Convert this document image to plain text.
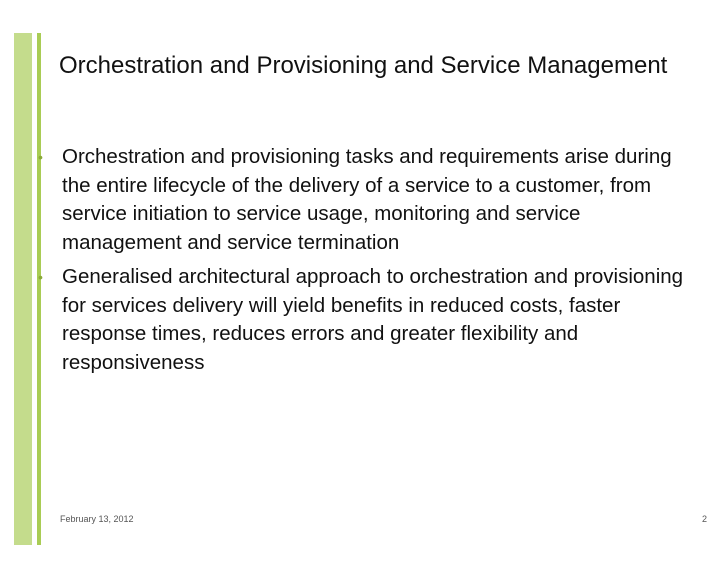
Orchestration and Provisioning and Service Management
• Orchestration and provisioning tasks and requirements arise during the entire lifecycle of the delivery of a service to a customer, from service initiation to service usage, monitoring and service management and service termination
• Generalised architectural approach to orchestration and provisioning for services delivery will yield benefits in reduced costs, faster response times, reduces errors and greater flexibility and responsiveness
February 13, 2012	2
